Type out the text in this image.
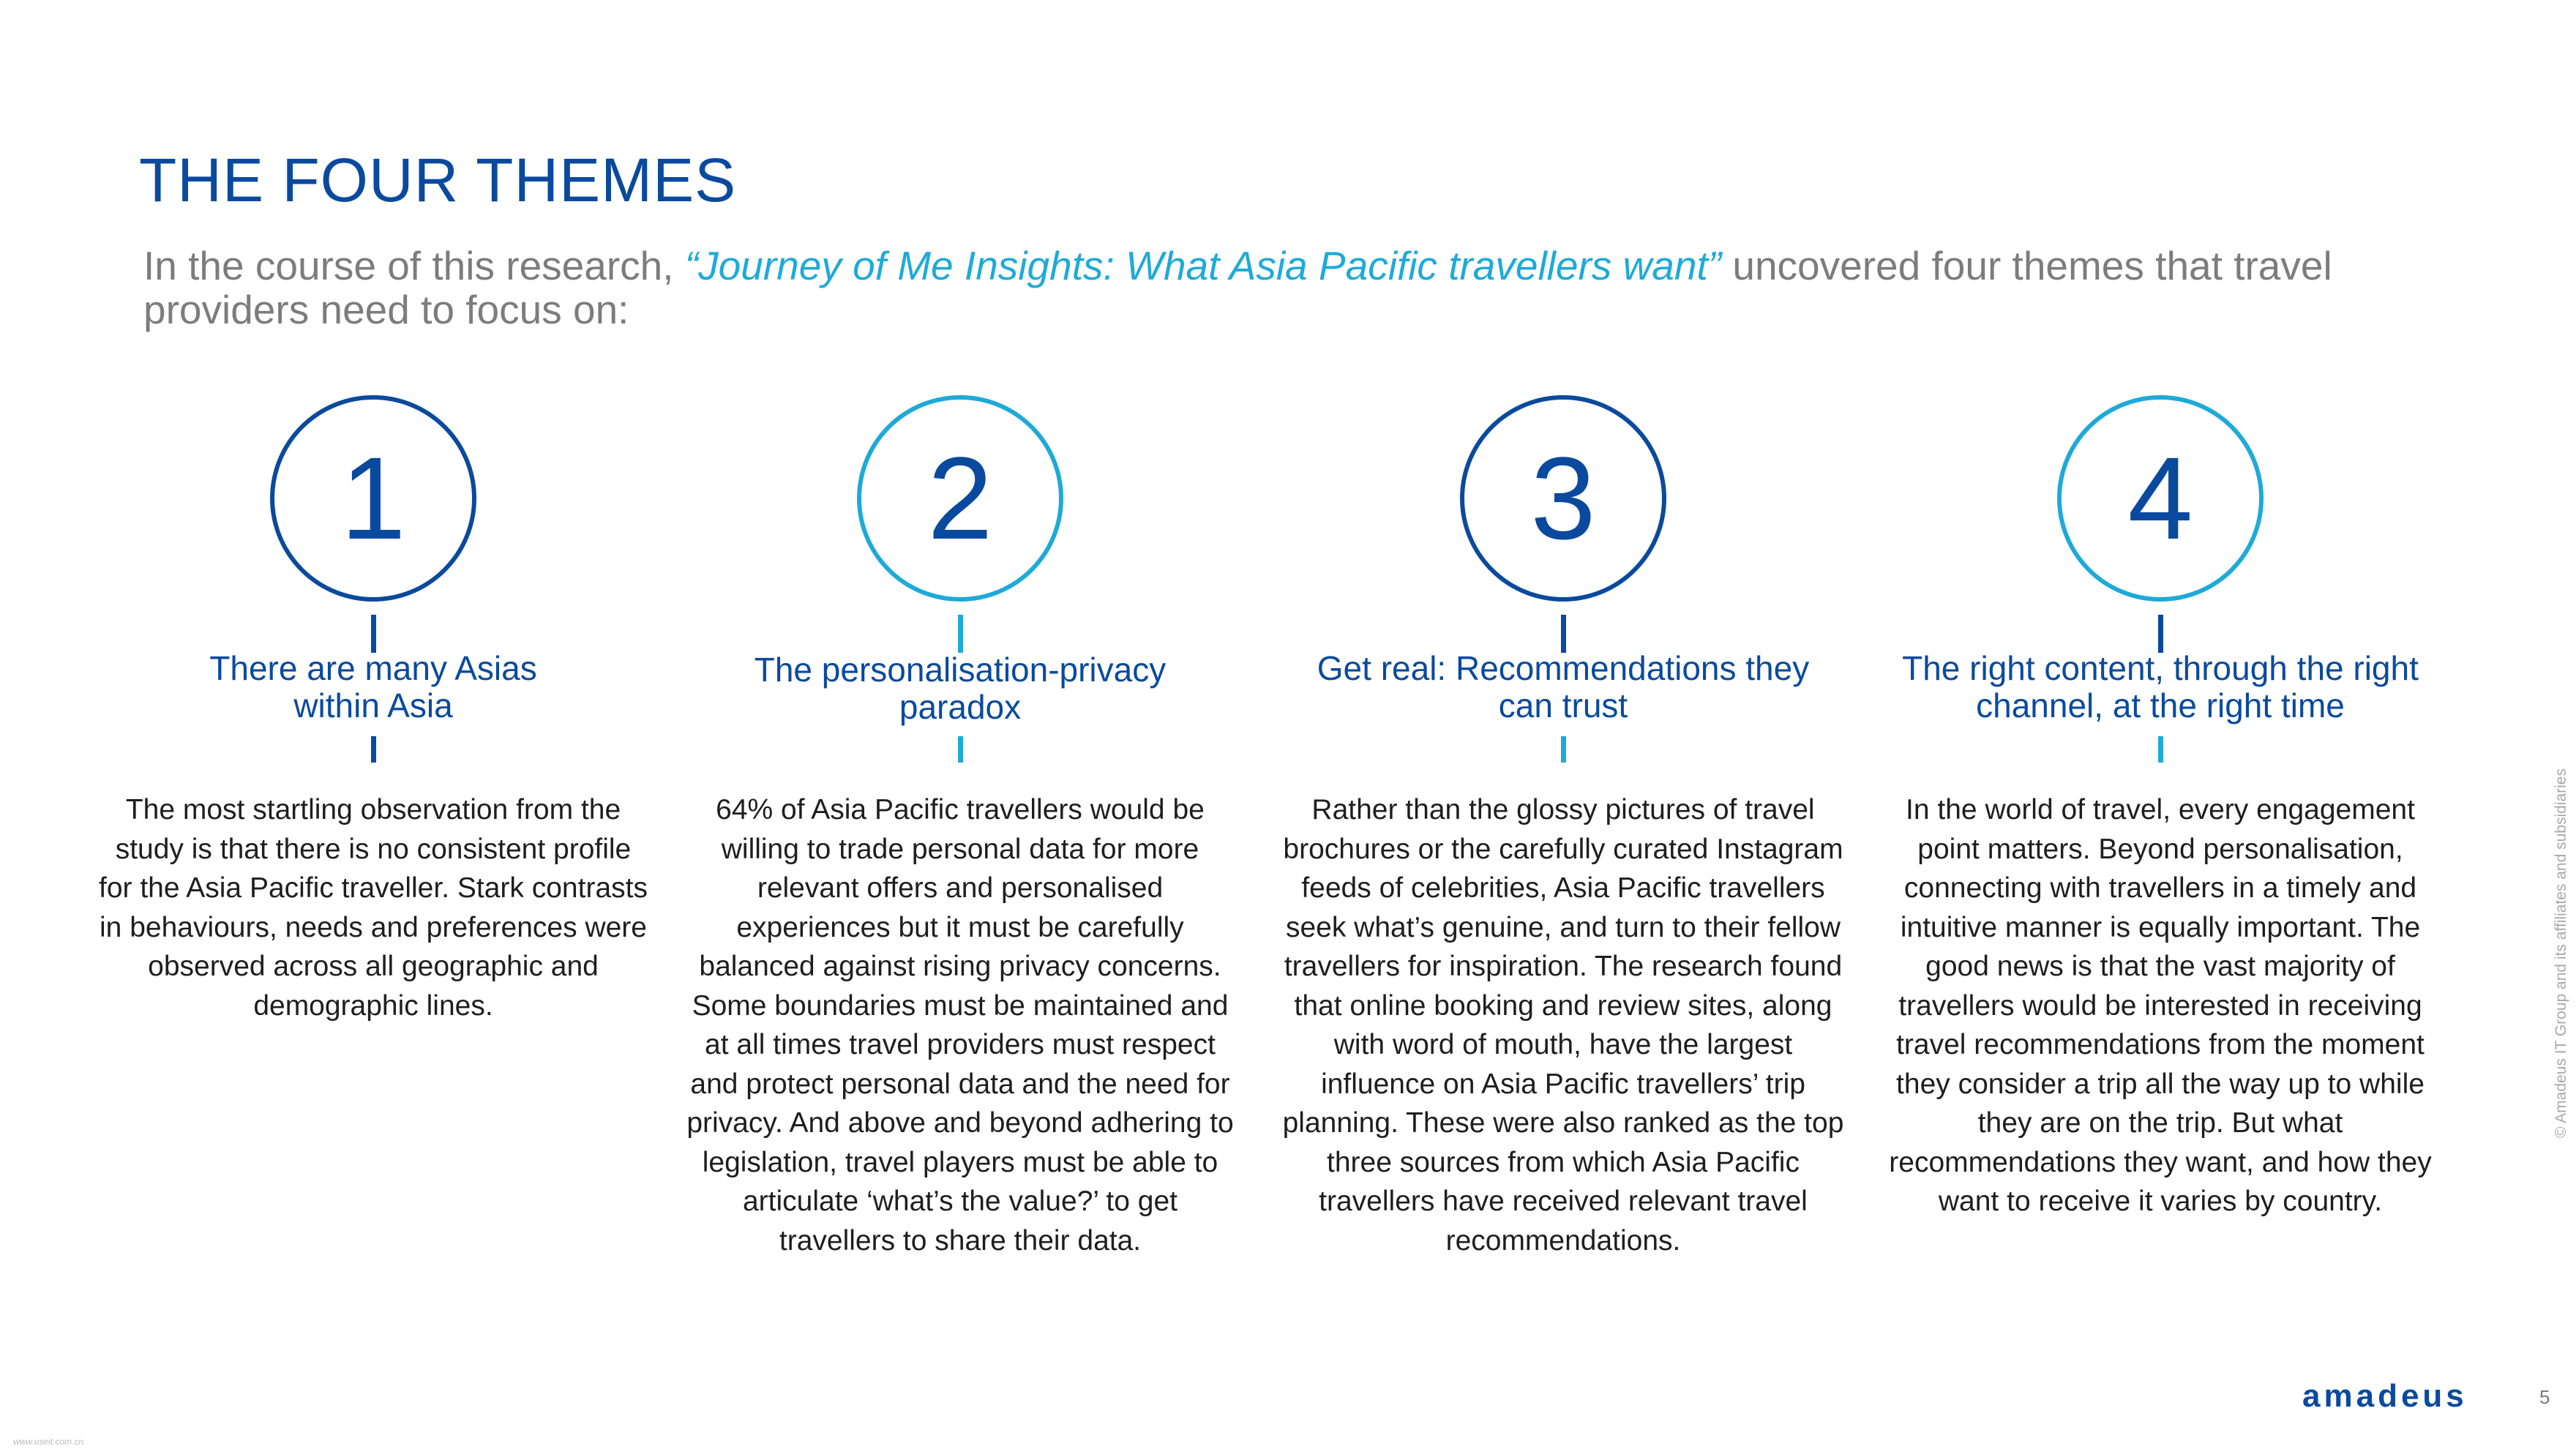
THE FOUR THEMES

In the course of this research, “Journey of Me Insights: What Asia Pacific travellers want” uncovered four themes that travel providers need to focus on:

1
There are many Asias
within Asia
The most startling observation from the study is that there is no consistent profile for the Asia Pacific traveller. Stark contrasts in behaviours, needs and preferences were observed across all geographic and demographic lines.
2
The personalisation-privacy
paradox
64% of Asia Pacific travellers would be willing to trade personal data for more relevant offers and personalised experiences but it must be carefully balanced against rising privacy concerns. Some boundaries must be maintained and at all times travel providers must respect and protect personal data and the need for privacy. And above and beyond adhering to legislation, travel players must be able to articulate ‘what’s the value?’ to get travellers to share their data.
3
Get real: Recommendations they
can trust
Rather than the glossy pictures of travel brochures or the carefully curated Instagram feeds of celebrities, Asia Pacific travellers seek what’s genuine, and turn to their fellow travellers for inspiration. The research found that online booking and review sites, along with word of mouth, have the largest influence on Asia Pacific travellers’ trip planning. These were also ranked as the top three sources from which Asia Pacific travellers have received relevant travel recommendations.
4
The right content, through the right
channel, at the right time
In the world of travel, every engagement point matters. Beyond personalisation, connecting with travellers in a timely and intuitive manner is equally important. The good news is that the vast majority of travellers would be interested in receiving travel recommendations from the moment they consider a trip all the way up to while they are on the trip. But what recommendations they want, and how they want to receive it varies by country.
© Amadeus IT Group and its affiliates and subsidiaries
amadeus	5
www.useit.com.cn
